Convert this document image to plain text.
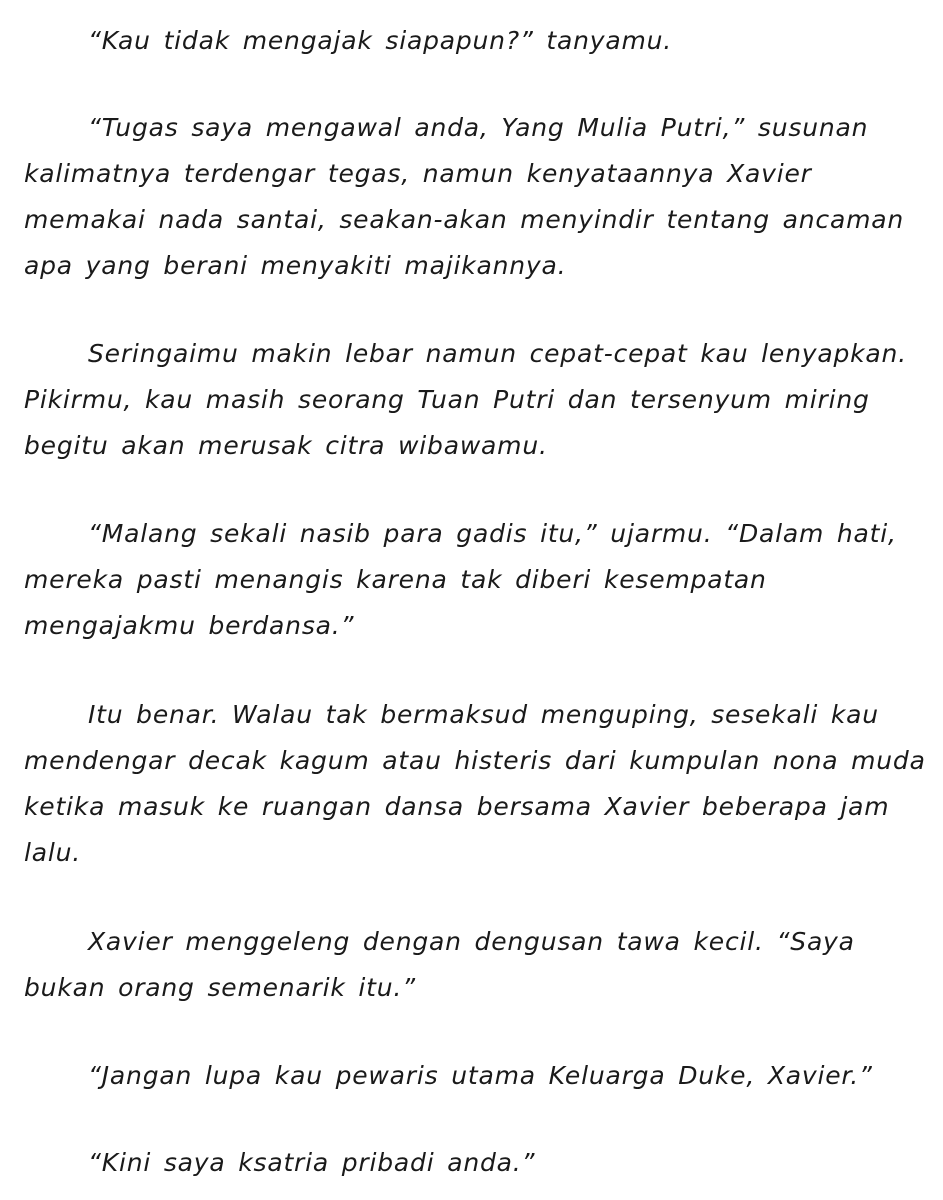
“Kau tidak mengajak siapapun?” tanyamu.
“Tugas saya mengawal anda, Yang Mulia Putri,” susunan
kalimatnya terdengar tegas, namun kenyataannya Xavier
memakai nada santai, seakan-akan menyindir tentang ancaman
apa yang berani menyakiti majikannya.
Seringaimu makin lebar namun cepat-cepat kau lenyapkan.
Pikirmu, kau masih seorang Tuan Putri dan tersenyum miring
begitu akan merusak citra wibawamu.
“Malang sekali nasib para gadis itu,” ujarmu. “Dalam hati,
mereka pasti menangis karena tak diberi kesempatan
mengajakmu berdansa.”
Itu benar. Walau tak bermaksud menguping, sesekali kau
mendengar decak kagum atau histeris dari kumpulan nona muda
ketika masuk ke ruangan dansa bersama Xavier beberapa jam
lalu.
Xavier menggeleng dengan dengusan tawa kecil. “Saya
bukan orang semenarik itu.”
“Jangan lupa kau pewaris utama Keluarga Duke, Xavier.”
“Kini saya ksatria pribadi anda.”
